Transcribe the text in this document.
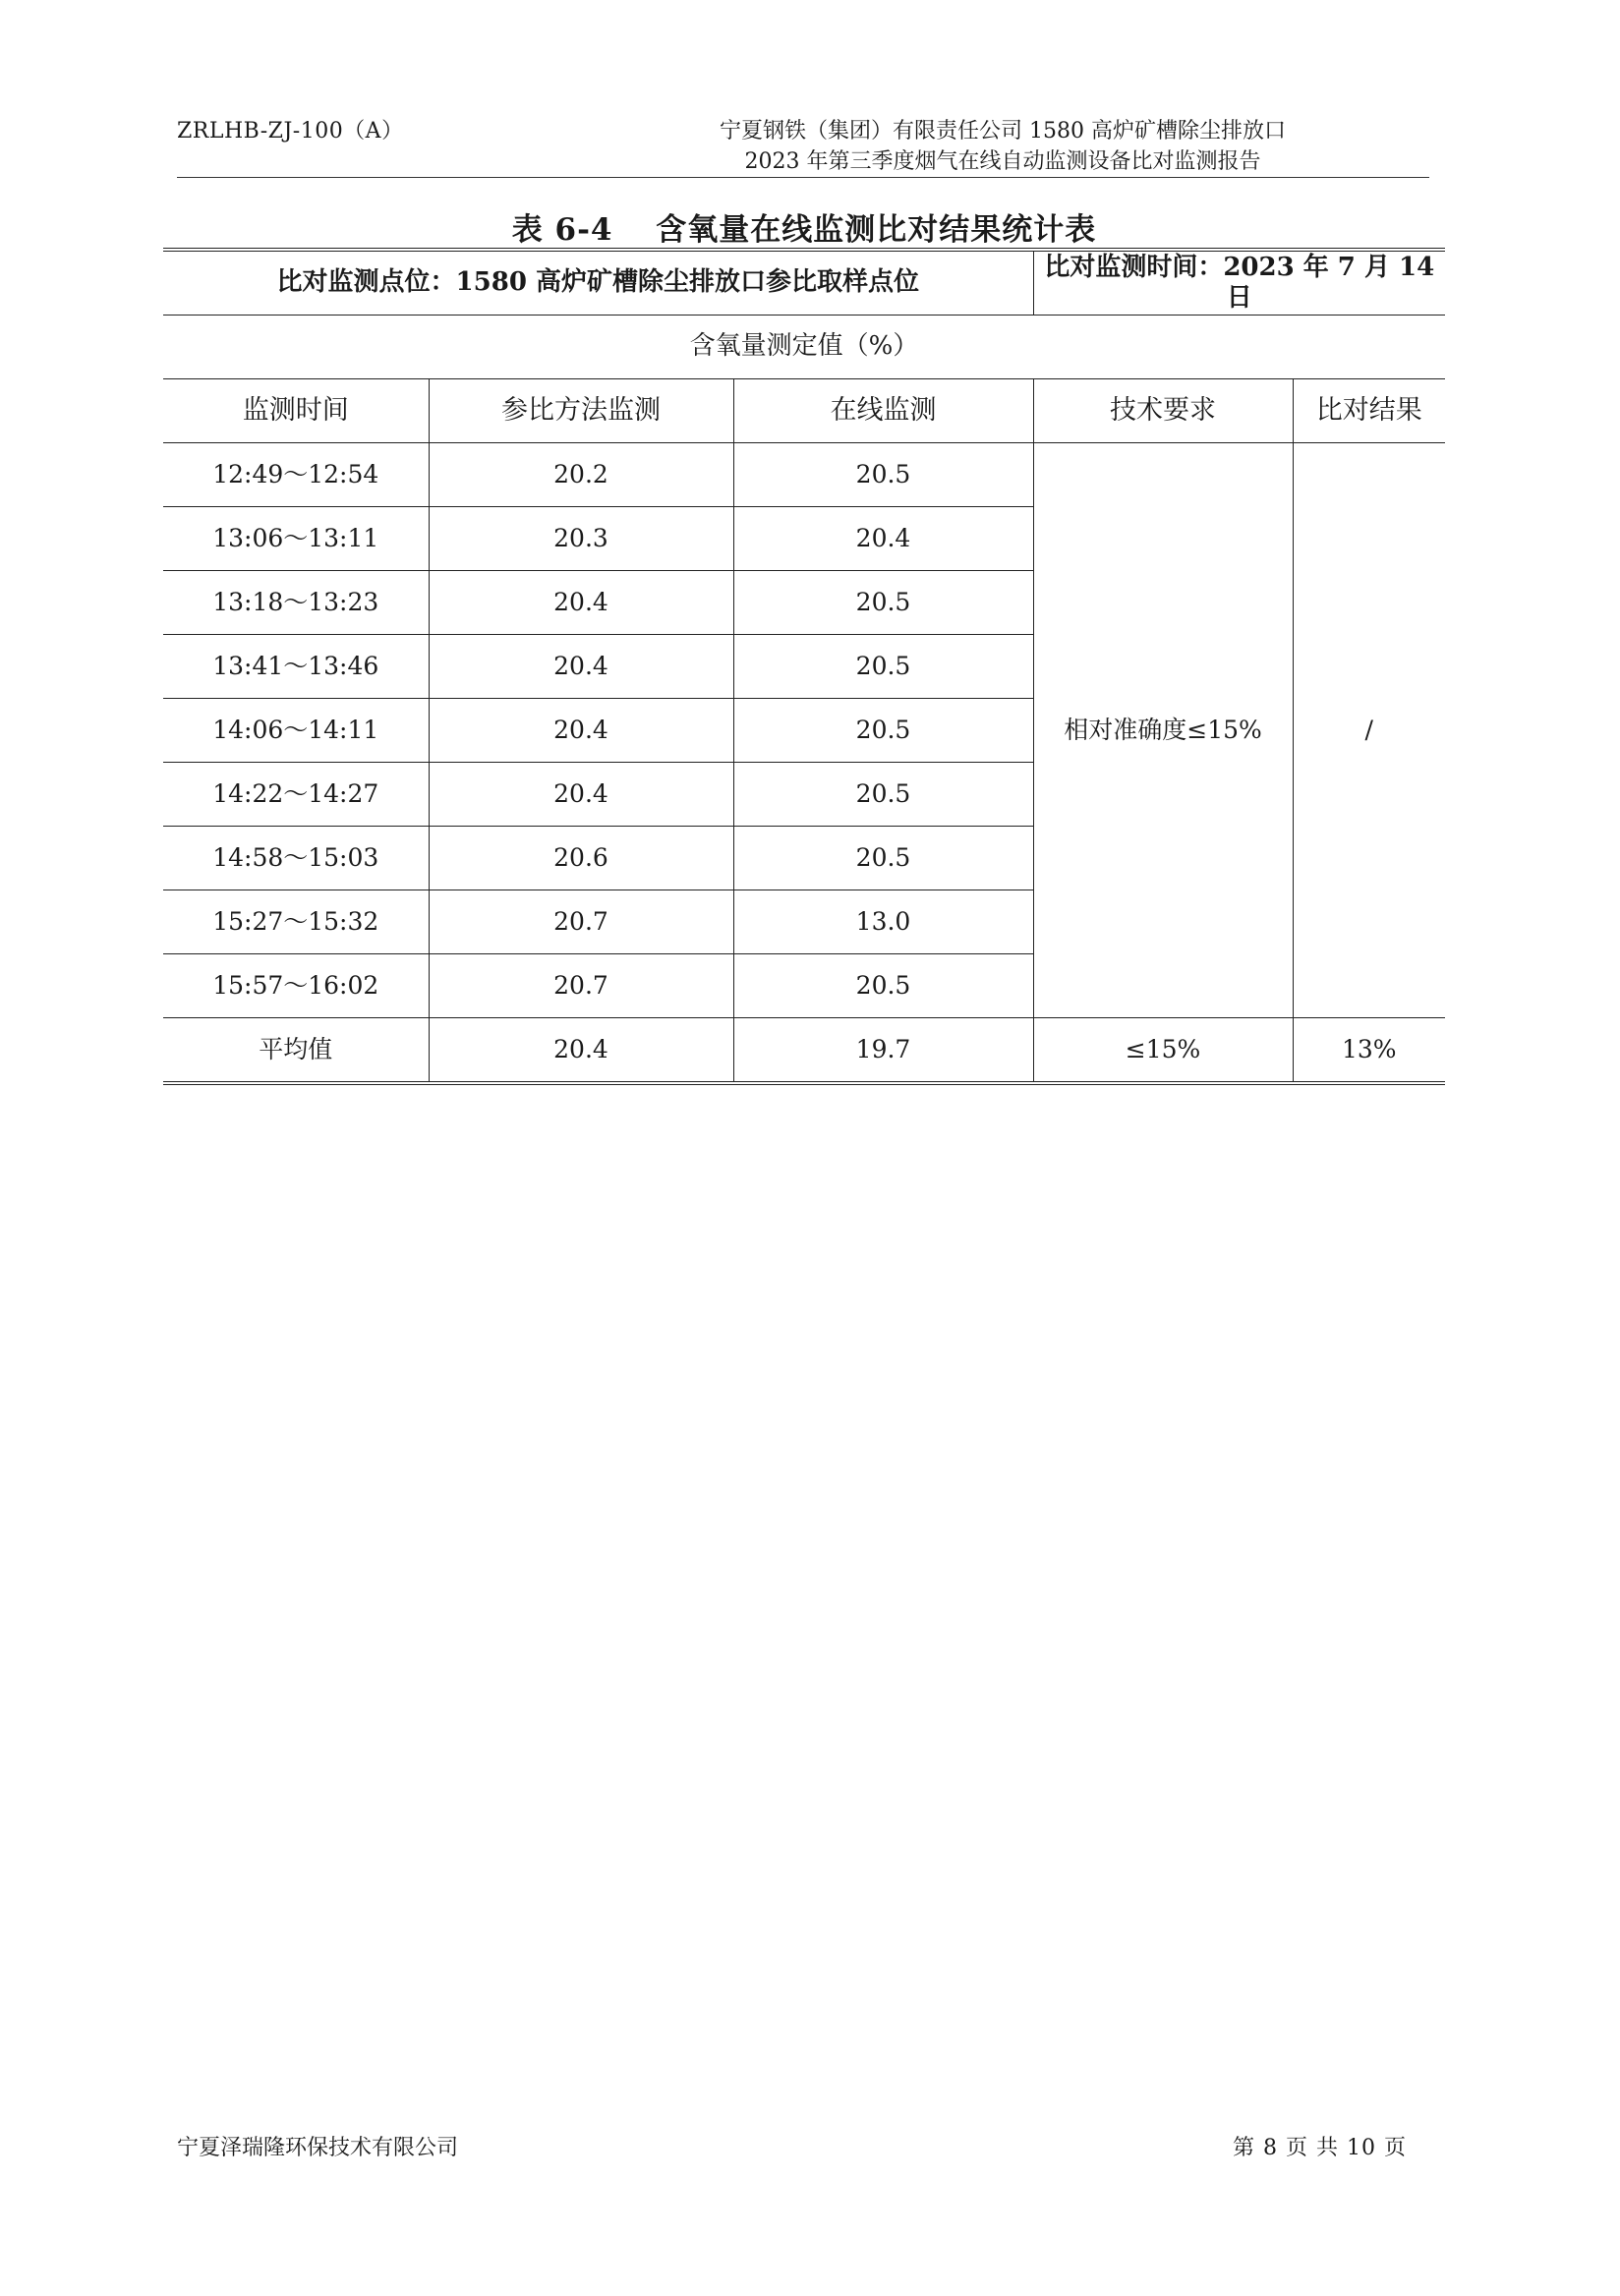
ZRLHB-ZJ-100（A）	宁夏钢铁（集团）有限责任公司 1580 高炉矿槽除尘排放口
2023 年第三季度烟气在线自动监测设备比对监测报告
表 6-4　 含氧量在线监测比对结果统计表
比对监测点位：1580 高炉矿槽除尘排放口参比取样点位			比对监测时间：2023 年 7 月 14 日	
含氧量测定值（%）				
监测时间	参比方法监测	在线监测	技术要求	比对结果
12:49～12:54	20.2	20.5	相对准确度≤15%	/
13:06～13:11	20.3	20.4		
13:18～13:23	20.4	20.5		
13:41～13:46	20.4	20.5		
14:06～14:11	20.4	20.5		
14:22～14:27	20.4	20.5		
14:58～15:03	20.6	20.5		
15:27～15:32	20.7	13.0		
15:57～16:02	20.7	20.5		
平均值	20.4	19.7	≤15%	13%
宁夏泽瑞隆环保技术有限公司	第 8 页 共 10 页
